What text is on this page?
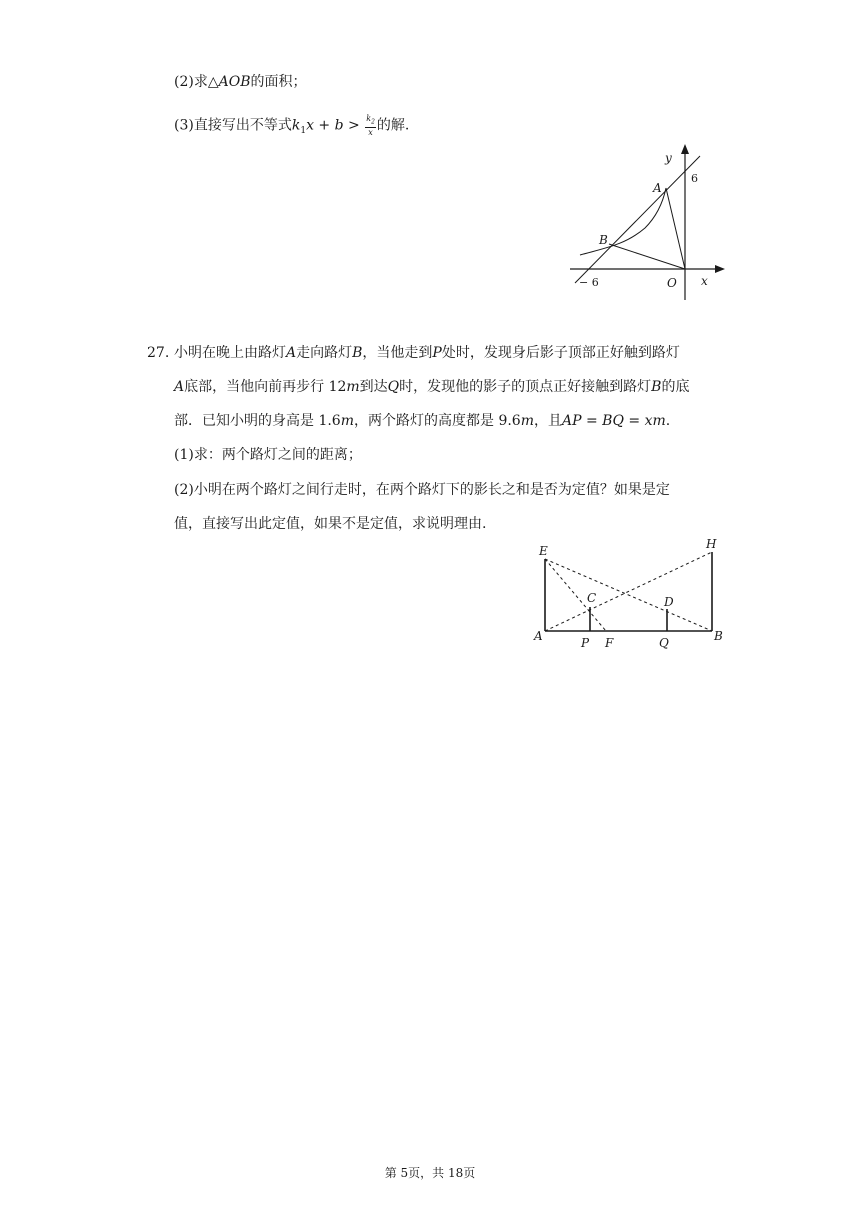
(2)求△AOB的面积；
(3)直接写出不等式$k_1x + b > \frac{k_2}{x}$ 的解.
y
x
A
B
O
6
− 6
27. 小明在晚上由路灯A走向路灯B，当他走到P处时，发现身后影子顶部正好触到路灯
A底部，当他向前再步行 12m到达Q时，发现他的影子的顶点正好接触到路灯B的底
部．已知小明的身高是 1.6m，两个路灯的高度都是 9.6m，且AP = BQ = xm.
(1)求：两个路灯之间的距离；
(2)小明在两个路灯之间行走时，在两个路灯下的影长之和是否为定值？如果是定
值，直接写出此定值，如果不是定值，求说明理由.
E	H
C	D
A	P F	Q	B
第 5页，共 18页
